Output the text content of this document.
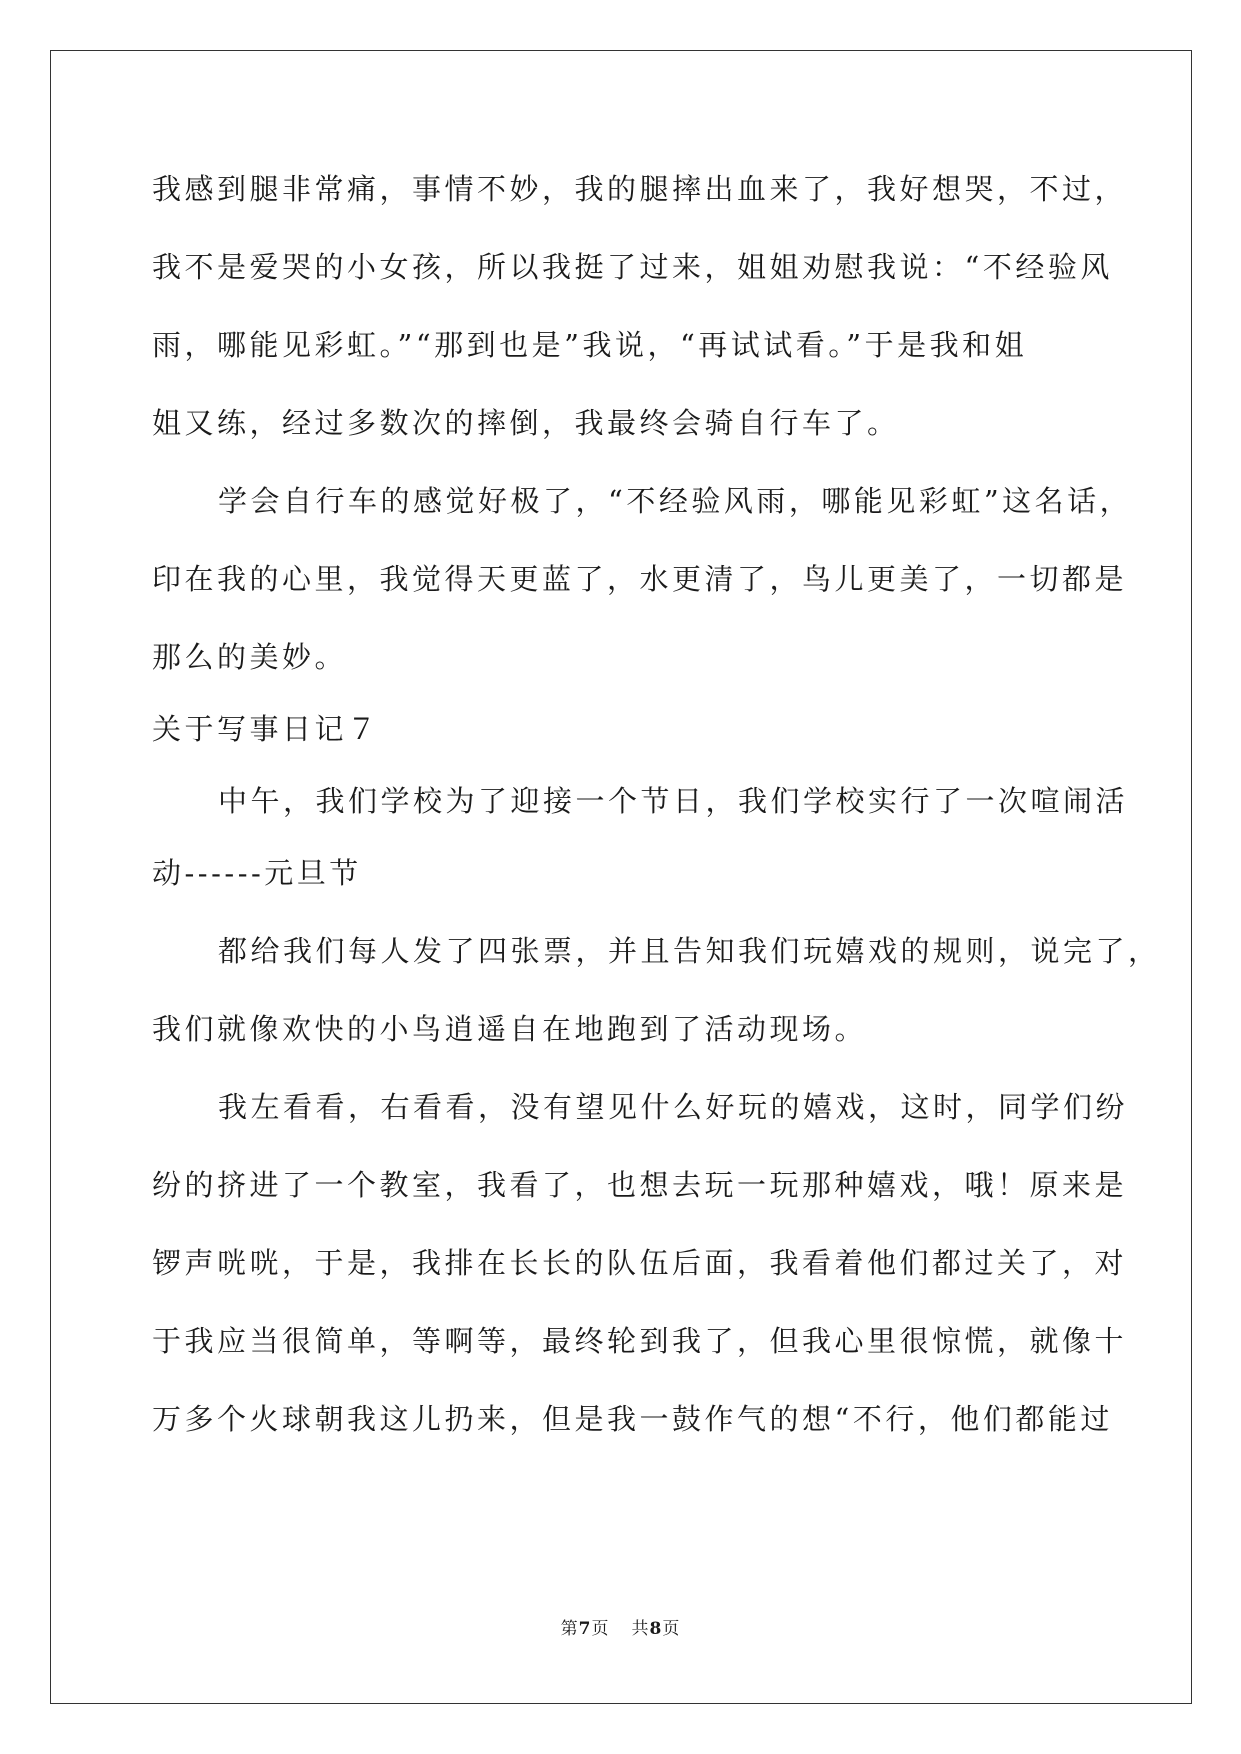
我感到腿非常痛，事情不妙，我的腿摔出血来了，我好想哭，不过，
我不是爱哭的小女孩，所以我挺了过来，姐姐劝慰我说：“不经验风
雨，哪能见彩虹。”“那到也是”我说，“再试试看。”于是我和姐
姐又练，经过多数次的摔倒，我最终会骑自行车了。
学会自行车的感觉好极了，“不经验风雨，哪能见彩虹”这名话，
印在我的心里，我觉得天更蓝了，水更清了，鸟儿更美了，一切都是
那么的美妙。
关于写事日记７
中午，我们学校为了迎接一个节日，我们学校实行了一次喧闹活
动------元旦节
都给我们每人发了四张票，并且告知我们玩嬉戏的规则，说完了，
我们就像欢快的小鸟逍遥自在地跑到了活动现场。
我左看看，右看看，没有望见什么好玩的嬉戏，这时，同学们纷
纷的挤进了一个教室，我看了，也想去玩一玩那种嬉戏，哦！原来是
锣声咣咣，于是，我排在长长的队伍后面，我看着他们都过关了，对
于我应当很简单，等啊等，最终轮到我了，但我心里很惊慌，就像十
万多个火球朝我这儿扔来，但是我一鼓作气的想“不行，他们都能过
第7页 共8页
